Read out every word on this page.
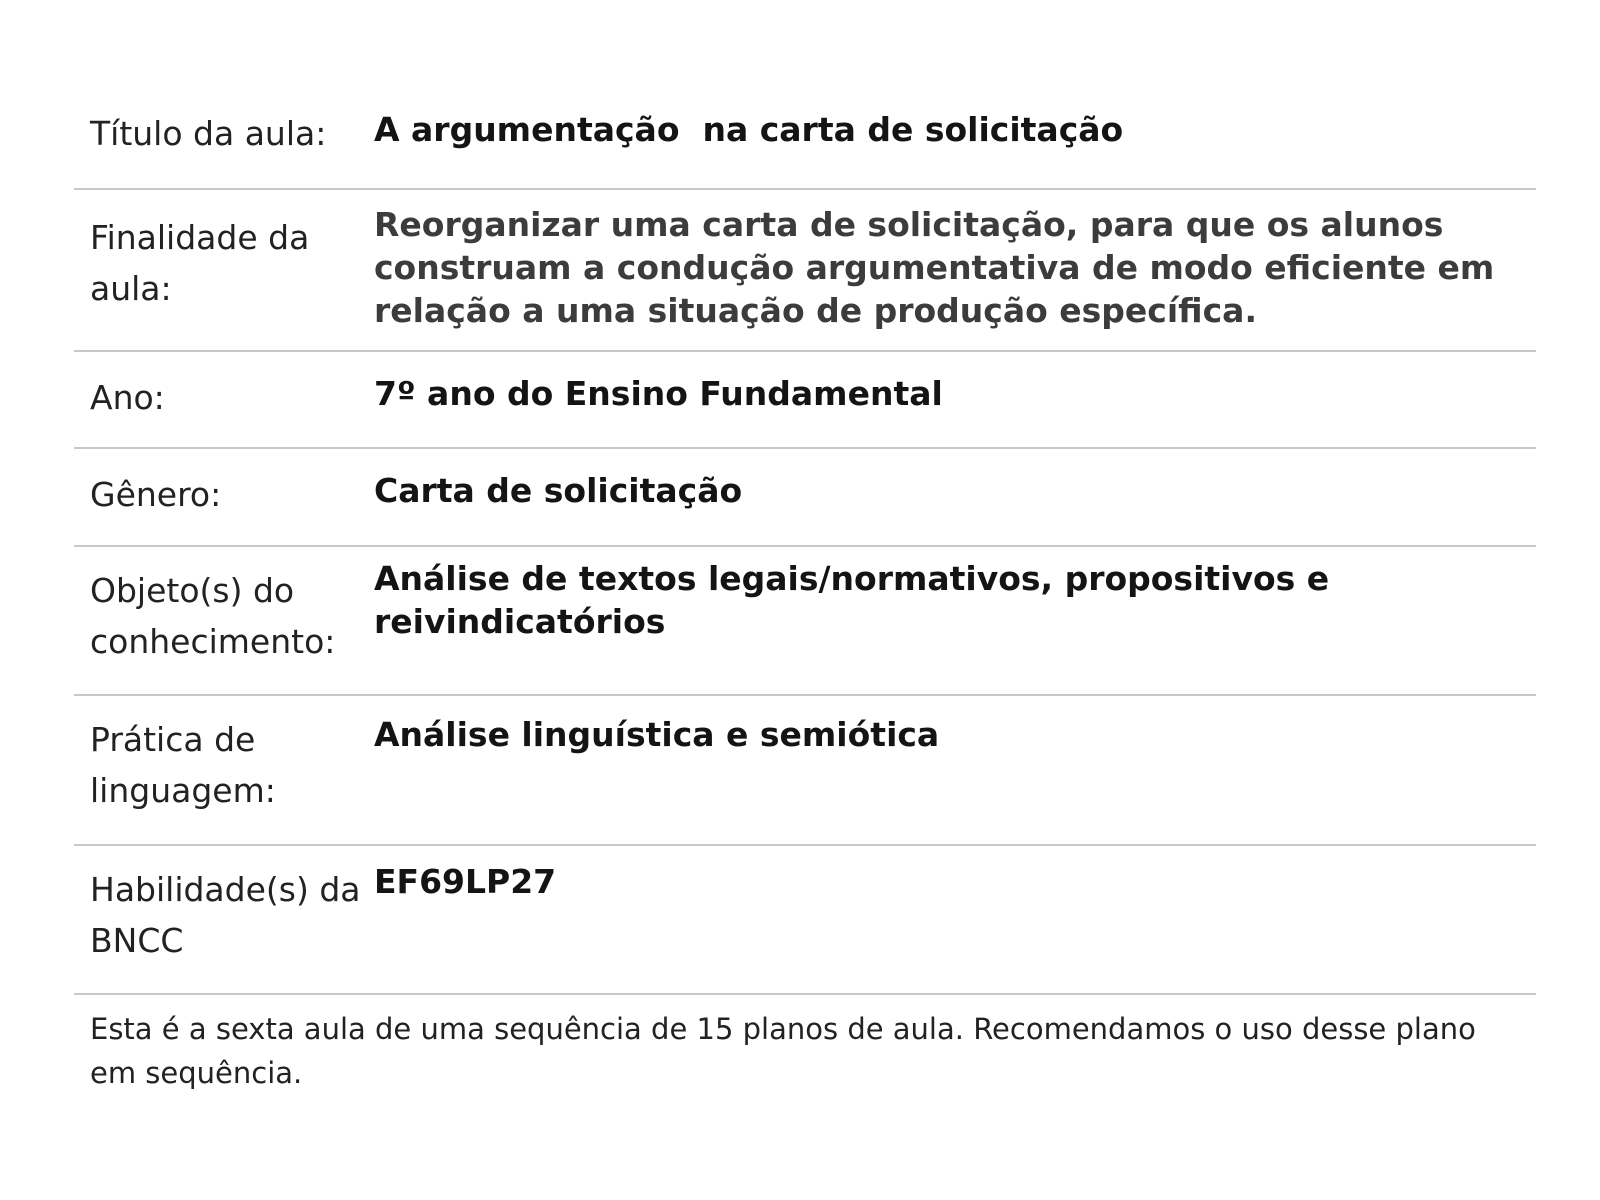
Título da aula:	A argumentação  na carta de solicitação
Finalidade da aula:
Reorganizar uma carta de solicitação, para que os alunos construam a condução argumentativa de modo eficiente em relação a uma situação de produção específica.
Ano:	7º ano do Ensino Fundamental
Gênero:	Carta de solicitação
Objeto(s) do conhecimento:
Análise de textos legais/normativos, propositivos e reivindicatórios
Prática de linguagem:
Análise linguística e semiótica
Habilidade(s) da BNCC
EF69LP27
Esta é a sexta aula de uma sequência de 15 planos de aula. Recomendamos o uso desse plano em sequência.
